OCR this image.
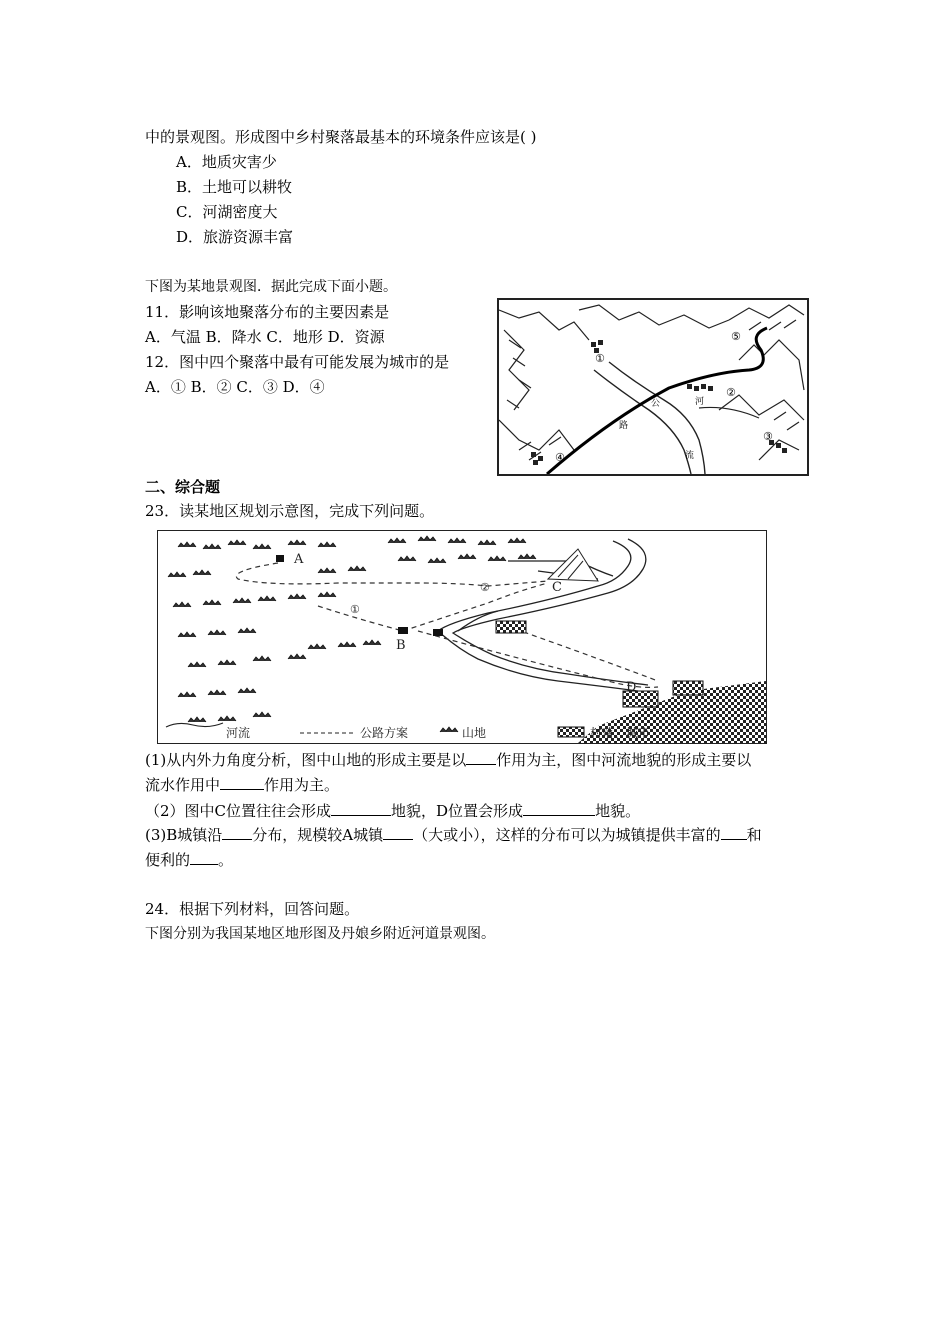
中的景观图。形成图中乡村聚落最基本的环境条件应该是( )
A．地质灾害少
B．土地可以耕牧
C．河湖密度大
D．旅游资源丰富
下图为某地景观图．据此完成下面小题。
11．影响该地聚落分布的主要因素是
A．气温 B．降水 C．地形 D．资源
12．图中四个聚落中最有可能发展为城市的是
A．① B．② C．③ D．④
①
②
③
④
⑤
公
路
河
流
二、综合题
23．读某地区规划示意图，完成下列问题。
A
B
C
D
①
②
河流	公路方案	山地	村落、城市
(1)从内外力角度分析，图中山地的形成主要是以 作用为主，图中河流地貌的形成主要以
流水作用中	作用为主。
（2）图中C位置往往会形成	地貌，D位置会形成	地貌。
(3)B城镇沿 分布，规模较A城镇 （大或小），这样的分布可以为城镇提供丰富的 和
便利的 。
24．根据下列材料，回答问题。
下图分别为我国某地区地形图及丹娘乡附近河道景观图。
